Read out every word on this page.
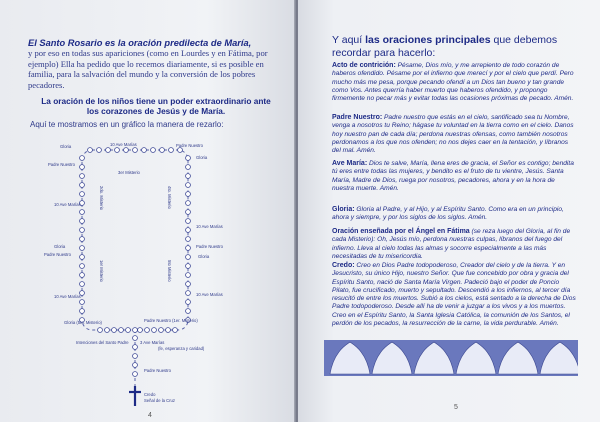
El Santo Rosario es la oración predilecta de María,
y por eso en todas sus apariciones (como en Lourdes y en Fátima, por ejemplo) Ella ha pedido que lo recemos diariamente, si es posible en familia, para la salvación del mundo y la conversión de los pobres pecadores.
La oración de los niños tiene un poder extraordinario ante los corazones de Jesús y de María.
Aquí te mostramos en un gráfico la manera de rezarlo:
Gloria	10 Ave Marías	Padre Nuestro
Gloria
Padre Nuestro
3er Misterio
2do. Misterio	4to. Misterio
10 Ave Marías
10 Ave Marías
Gloria
Padre Nuestro
Padre Nuestro
Gloria
1er Misterio	5to Misterio
10 Ave Marías	10 Ave Marías
Gloria (5to. Misterio)	Padre Nuestro (1er. Misterio)
Intenciones del Santo Padre	3 Ave Marías
(fe, esperanza y caridad)
Padre Nuestro
Credo
Señal de la Cruz
4
Y aquí las oraciones principales que debemos recordar para hacerlo:
Acto de contrición: Pésame, Dios mío, y me arrepiento de todo corazón de haberos ofendido. Pésame por el infierno que merecí y por el cielo que perdí. Pero mucho más me pesa, porque pecando ofendí a un Dios tan bueno y tan grande como Vos. Antes querría haber muerto que haberos ofendido, y propongo firmemente no pecar más y evitar todas las ocasiones próximas de pecado. Amén.
Padre Nuestro: Padre nuestro que estás en el cielo, santificado sea tu Nombre, venga a nosotros tu Reino; hágase tu voluntad en la tierra como en el cielo. Danos hoy nuestro pan de cada día; perdona nuestras ofensas, como también nosotros perdonamos a los que nos ofenden; no nos dejes caer en la tentación, y líbranos del mal. Amén.
Ave María: Dios te salve, María, llena eres de gracia, el Señor es contigo; bendita tú eres entre todas las mujeres, y bendito es el fruto de tu vientre, Jesús. Santa María, Madre de Dios, ruega por nosotros, pecadores, ahora y en la hora de nuestra muerte. Amén.
Gloria: Gloria al Padre, y al Hijo, y al Espíritu Santo. Como era en un principio, ahora y siempre, y por los siglos de los siglos. Amén.
Oración enseñada por el Ángel en Fátima (se reza luego del Gloria, al fin de cada Misterio): Oh, Jesús mío, perdona nuestras culpas, líbranos del fuego del infierno. Lleva al cielo todas las almas y socorre especialmente a las más necesitadas de tu misericordia.
Credo: Creo en Dios Padre todopoderoso, Creador del cielo y de la tierra. Y en Jesucristo, su único Hijo, nuestro Señor. Que fue concebido por obra y gracia del Espíritu Santo, nació de Santa María Virgen. Padeció bajo el poder de Poncio Pilato, fue crucificado, muerto y sepultado. Descendió a los infiernos, al tercer día resucitó de entre los muertos. Subió a los cielos, está sentado a la derecha de Dios Padre todopoderoso. Desde allí ha de venir a juzgar a los vivos y a los muertos. Creo en el Espíritu Santo, la Santa Iglesia Católica, la comunión de los Santos, el perdón de los pecados, la resurrección de la carne, la vida perdurable. Amén.
5
